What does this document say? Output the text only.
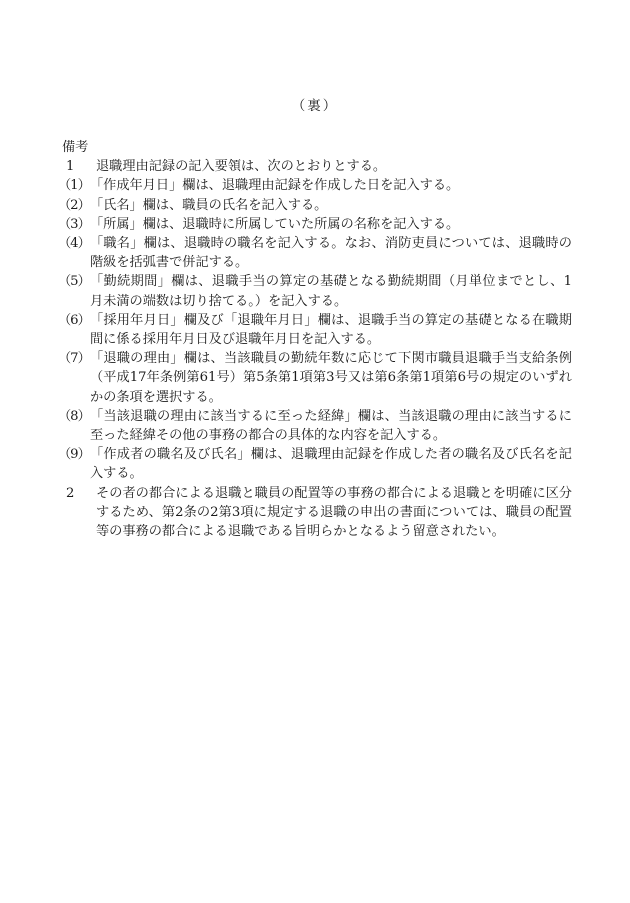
（裏）

備考

1	退職理由記録の記入要領は、次のとおりとする。
（1） 「作成年月日」欄は、退職理由記録を作成した日を記入する。
（2） 「氏名」欄は、職員の氏名を記入する。
（3） 「所属」欄は、退職時に所属していた所属の名称を記入する。
（4） 「職名」欄は、退職時の職名を記入する。なお、消防吏員については、退職時の階級を括弧書で併記する。
（5） 「勤続期間」欄は、退職手当の算定の基礎となる勤続期間（月単位までとし、1月未満の端数は切り捨てる。）を記入する。
（6） 「採用年月日」欄及び「退職年月日」欄は、退職手当の算定の基礎となる在職期間に係る採用年月日及び退職年月日を記入する。
（7） 「退職の理由」欄は、当該職員の勤続年数に応じて下関市職員退職手当支給条例（平成17年条例第61号）第5条第1項第3号又は第6条第1項第6号の規定のいずれかの条項を選択する。
（8） 「当該退職の理由に該当するに至った経緯」欄は、当該退職の理由に該当するに至った経緯その他の事務の都合の具体的な内容を記入する。
（9） 「作成者の職名及び氏名」欄は、退職理由記録を作成した者の職名及び氏名を記入する。
2	その者の都合による退職と職員の配置等の事務の都合による退職とを明確に区分するため、第2条の2第3項に規定する退職の申出の書面については、職員の配置等の事務の都合による退職である旨明らかとなるよう留意されたい。
